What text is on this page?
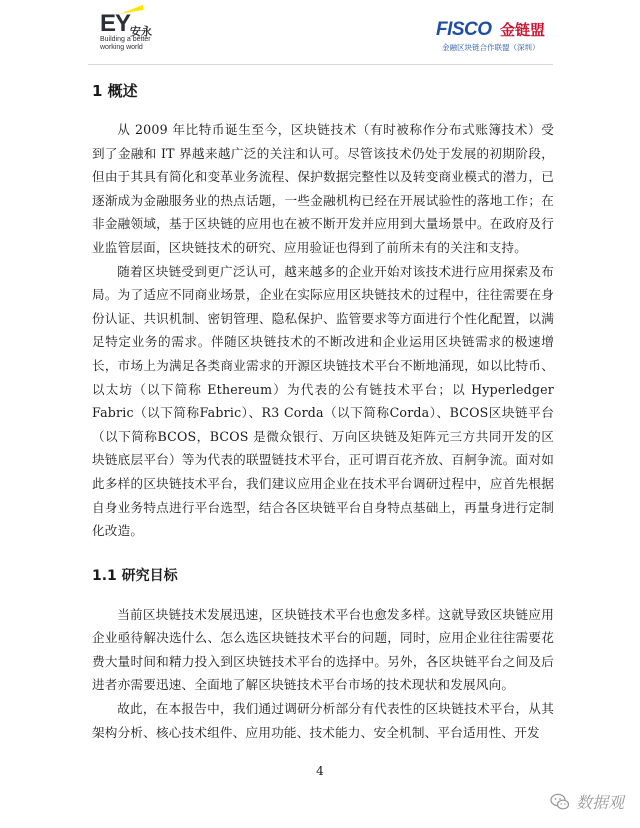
EY 安永
Building a better
working world
FISCO 金链盟
金融区块链合作联盟（深圳）
1 概述

从 2009 年比特币诞生至今，区块链技术（有时被称作分布式账簿技术）受到了金融和 IT 界越来越广泛的关注和认可。尽管该技术仍处于发展的初期阶段，但由于其具有简化和变革业务流程、保护数据完整性以及转变商业模式的潜力，已逐渐成为金融服务业的热点话题，一些金融机构已经在开展试验性的落地工作；在非金融领域，基于区块链的应用也在被不断开发并应用到大量场景中。在政府及行业监管层面，区块链技术的研究、应用验证也得到了前所未有的关注和支持。

随着区块链受到更广泛认可，越来越多的企业开始对该技术进行应用探索及布局。为了适应不同商业场景，企业在实际应用区块链技术的过程中，往往需要在身份认证、共识机制、密钥管理、隐私保护、监管要求等方面进行个性化配置，以满足特定业务的需求。伴随区块链技术的不断改进和企业运用区块链需求的极速增长，市场上为满足各类商业需求的开源区块链技术平台不断地涌现，如以比特币、以太坊（以下简称 Ethereum）为代表的公有链技术平台；以 Hyperledger Fabric（以下简称Fabric）、R3 Corda（以下简称Corda）、BCOS区块链平台（以下简称BCOS，BCOS 是微众银行、万向区块链及矩阵元三方共同开发的区块链底层平台）等为代表的联盟链技术平台，正可谓百花齐放、百舸争流。面对如此多样的区块链技术平台，我们建议应用企业在技术平台调研过程中，应首先根据自身业务特点进行平台选型，结合各区块链平台自身特点基础上，再量身进行定制化改造。

1.1 研究目标

当前区块链技术发展迅速，区块链技术平台也愈发多样。这就导致区块链应用企业亟待解决选什么、怎么选区块链技术平台的问题，同时，应用企业往往需要花费大量时间和精力投入到区块链技术平台的选择中。另外，各区块链平台之间及后进者亦需要迅速、全面地了解区块链技术平台市场的技术现状和发展风向。

故此，在本报告中，我们通过调研分析部分有代表性的区块链技术平台，从其架构分析、核心技术组件、应用功能、技术能力、安全机制、平台适用性、开发

4
数据观
